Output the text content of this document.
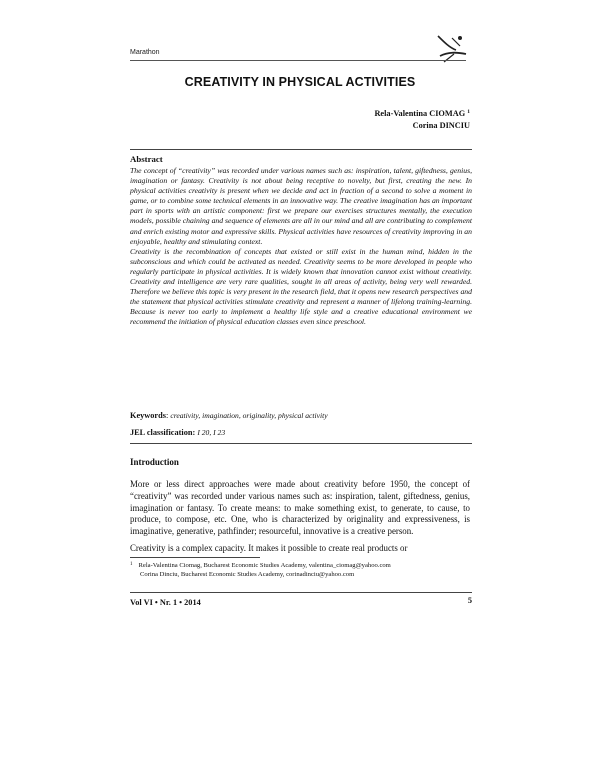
Marathon
CREATIVITY IN PHYSICAL ACTIVITIES
Rela-Valentina CIOMAG $^1$
Corina DINCIU
Abstract

The concept of “creativity” was recorded under various names such as: inspiration, talent, giftedness, genius, imagination or fantasy. Creativity is not about being receptive to novelty, but first, creating the new. In physical activities creativity is present when we decide and act in fraction of a second to solve a moment in game, or to combine some technical elements in an innovative way. The creative imagination has an important part in sports with an artistic component: first we prepare our exercises structures mentally, the execution models, possible chaining and sequence of elements are all in our mind and all are contributing to complement and enrich existing motor and expressive skills. Physical activities have resources of creativity improving in an enjoyable, healthy and stimulating context.

Creativity is the recombination of concepts that existed or still exist in the human mind, hidden in the subconscious and which could be activated as needed. Creativity seems to be more developed in people who regularly participate in physical activities. It is widely known that innovation cannot exist without creativity. Creativity and intelligence are very rare qualities, sought in all areas of activity, being very well rewarded. Therefore we believe this topic is very present in the research field, that it opens new research perspectives and the statement that physical activities stimulate creativity and represent a manner of lifelong training-learning. Because is never too early to implement a healthy life style and a creative educational environment we recommend the initiation of physical education classes even since preschool.

Keywords: creativity, imagination, originality, physical activity
JEL classification: I 20, I 23
Introduction

More or less direct approaches were made about creativity before 1950, the concept of “creativity” was recorded under various names such as: inspiration, talent, giftedness, genius, imagination or fantasy. To create means: to make something exist, to generate, to cause, to produce, to compose, etc. One, who is characterized by originality and expressiveness, is imaginative, generative, pathfinder; resourceful, innovative is a creative person.

Creativity is a complex capacity. It makes it possible to create real products or

$^1$ Rela-Valentina Ciomag, Bucharest Economic Studies Academy, valentina_ciomag@yahoo.com
Corina Dinciu, Bucharest Economic Studies Academy, corinadinciu@yahoo.com
Vol VI • Nr. 1 • 2014	5
